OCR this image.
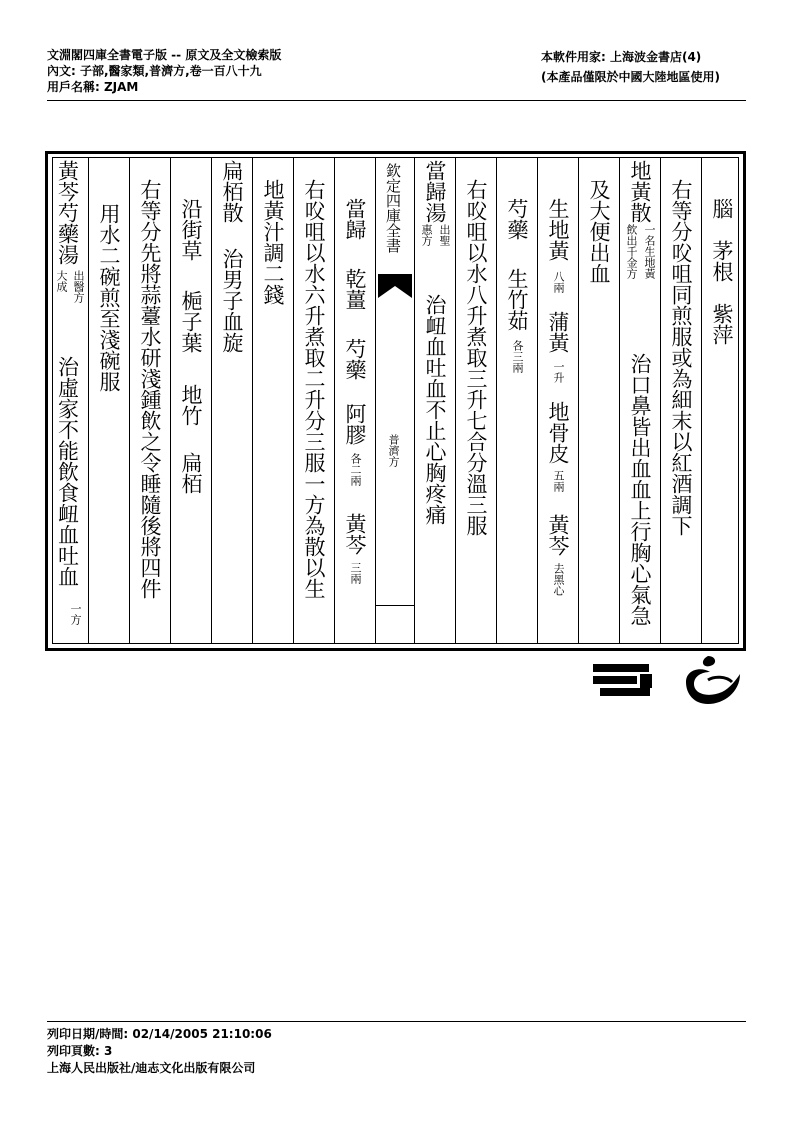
文淵閣四庫全書電子版 -- 原文及全文檢索版
內文: 子部,醫家類,普濟方,卷一百八十九
用戶名稱: ZJAM
本軟件用家: 上海波金書店(4)
(本產品僅限於中國大陸地區使用)
腦　茅根　紫萍
右等分㕮咀同煎服或為細末以紅酒調下
地黃散
一名生地黃
飲出千金方
治口鼻皆出血血上行胸心氣急
及大便出血
生地黃
八兩
蒲黃
一升
地骨皮
五兩
黃芩
去黑心
芍藥
生竹茹
各三兩
右㕮咀以水八升煮取三升七合分溫三服
當歸湯
出聖
惠方
治衄血吐血不止心胸疼痛
欽定四庫全書
普濟方
當歸
乾薑
芍藥
阿膠
各二兩
黃芩
三兩
右㕮咀以水六升煮取二升分三服一方為散以生
地黃汁調二錢
扁栢散
治男子血旋
沿街草
梔子葉
地竹
扁栢
右等分先將蒜薹水研淺鍾飲之令睡隨後將四件
用水二碗煎至淺碗服
黃芩芍藥湯
出醫方
大成
治虛家不能飲食衄血吐血
一方
列印日期/時間: 02/14/2005 21:10:06
列印頁數: 3
上海人民出版社/迪志文化出版有限公司
